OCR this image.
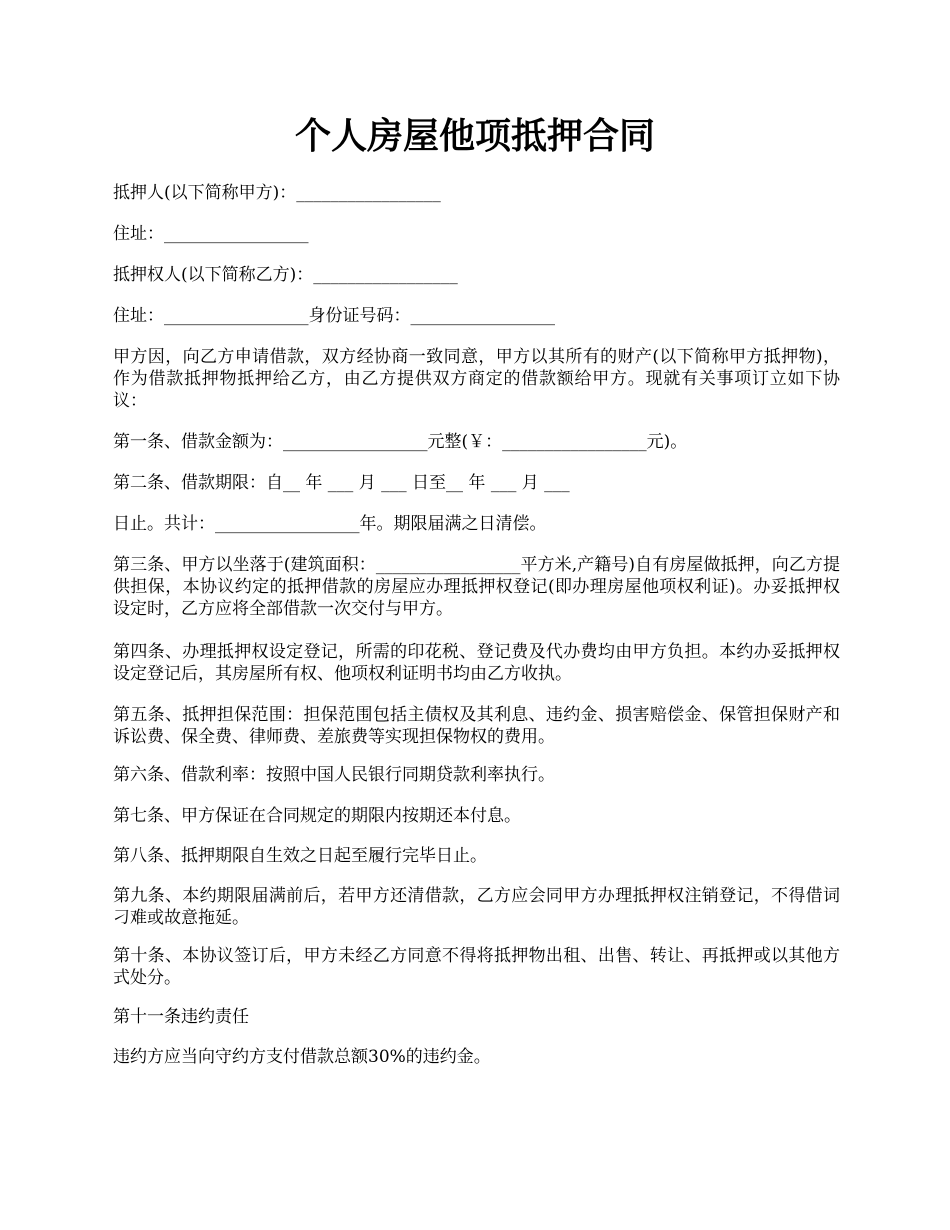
个人房屋他项抵押合同

抵押人(以下简称甲方)：_________________

住址：_________________

抵押权人(以下简称乙方)：_________________

住址：_________________身份证号码：_________________

甲方因，向乙方申请借款，双方经协商一致同意，甲方以其所有的财产(以下简称甲方抵押物)，作为借款抵押物抵押给乙方，由乙方提供双方商定的借款额给甲方。现就有关事项订立如下协议：

第一条、借款金额为：_________________元整(￥：_________________元)。

第二条、借款期限：自__ 年 ___ 月 ___ 日至__ 年 ___ 月 ___

日止。共计：_________________年。期限届满之日清偿。

第三条、甲方以坐落于(建筑面积：_________________平方米,产籍号)自有房屋做抵押，向乙方提供担保，本协议约定的抵押借款的房屋应办理抵押权登记(即办理房屋他项权利证)。办妥抵押权设定时，乙方应将全部借款一次交付与甲方。

第四条、办理抵押权设定登记，所需的印花税、登记费及代办费均由甲方负担。本约办妥抵押权设定登记后，其房屋所有权、他项权利证明书均由乙方收执。

第五条、抵押担保范围：担保范围包括主债权及其利息、违约金、损害赔偿金、保管担保财产和诉讼费、保全费、律师费、差旅费等实现担保物权的费用。

第六条、借款利率：按照中国人民银行同期贷款利率执行。

第七条、甲方保证在合同规定的期限内按期还本付息。

第八条、抵押期限自生效之日起至履行完毕日止。

第九条、本约期限届满前后，若甲方还清借款，乙方应会同甲方办理抵押权注销登记，不得借词刁难或故意拖延。

第十条、本协议签订后，甲方未经乙方同意不得将抵押物出租、出售、转让、再抵押或以其他方式处分。

第十一条违约责任

违约方应当向守约方支付借款总额30%的违约金。
